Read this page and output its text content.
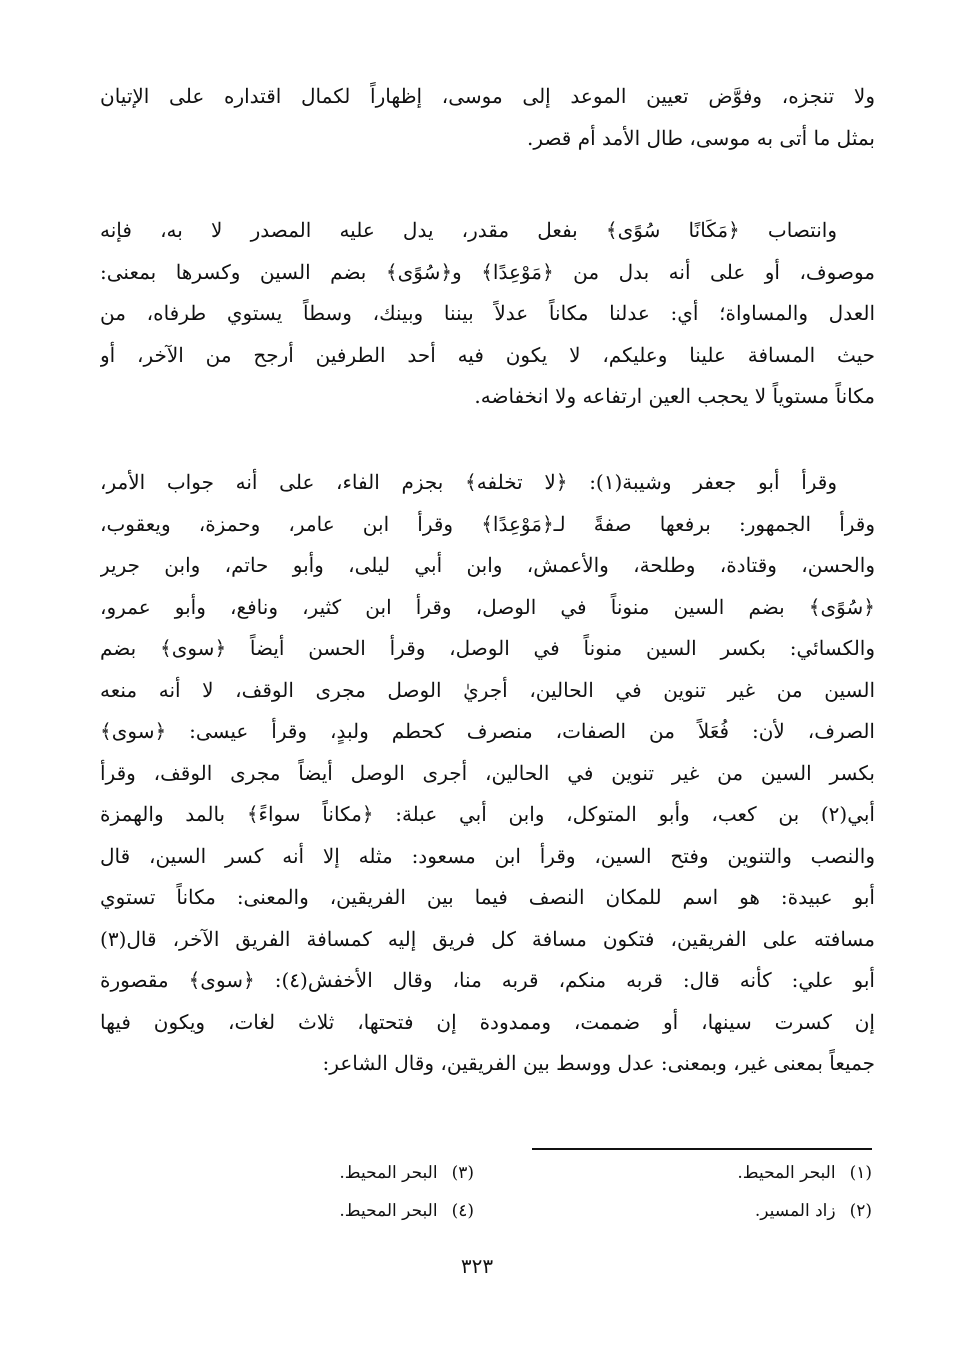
ولا تنجزه، وفوَّض تعيين الموعد إلى موسى، إظهاراً لكمال اقتداره على الإتيان
بمثل ما أتى به موسى، طال الأمد أم قصر.
وانتصاب ﴿مَكَانًا سُوًى﴾ بفعل مقدر، يدل عليه المصدر لا به، فإنه
موصوف، أو على أنه بدل من ﴿مَوْعِدًا﴾ و﴿سُوًى﴾ بضم السين وكسرها بمعنى:
العدل والمساواة؛ أي: عدلنا مكاناً عدلاً بيننا وبينك، وسطاً يستوي طرفاه، من
حيث المسافة علينا وعليكم، لا يكون فيه أحد الطرفين أرجح من الآخر، أو
مكاناً مستوياً لا يحجب العين ارتفاعه ولا انخفاضه.
وقرأ أبو جعفر وشيبة(١): ﴿لا تخلفه﴾ بجزم الفاء، على أنه جواب الأمر،
وقرأ الجمهور: برفعها صفةً لـ﴿مَوْعِدًا﴾ وقرأ ابن عامر، وحمزة، ويعقوب،
والحسن، وقتادة، وطلحة، والأعمش، وابن أبي ليلى، وأبو حاتم، وابن جرير
﴿سُوًى﴾ بضم السين منوناً في الوصل، وقرأ ابن كثير، ونافع، وأبو عمرو،
والكسائي: بكسر السين منوناً في الوصل، وقرأ الحسن أيضاً ﴿سوى﴾ بضم
السين من غير تنوين في الحالين، أجريٰ الوصل مجرى الوقف، لا أنه منعه
الصرف، لأن: فُعَلاً من الصفات، منصرف كحطم ولبدٍ، وقرأ عيسى: ﴿سوى﴾
بكسر السين من غير تنوين في الحالين، أجرى الوصل أيضاً مجرى الوقف، وقرأ
أبي(٢) بن كعب، وأبو المتوكل، وابن أبي عبلة: ﴿مكاناً سواءً﴾ بالمد والهمزة
والنصب والتنوين وفتح السين، وقرأ ابن مسعود: مثله إلا أنه كسر السين، قال
أبو عبيدة: هو اسم للمكان النصف فيما بين الفريقين، والمعنى: مكاناً تستوي
مسافته على الفريقين، فتكون مسافة كل فريق إليه كمسافة الفريق الآخر، قال(٣)
أبو علي: كأنه قال: قربه منكم، قربه منا، وقال الأخفش(٤): ﴿سوى﴾ مقصورة
إن كسرت سينها، أو ضممت، وممدودة إن فتحتها، ثلاث لغات، ويكون فيها
جميعاً بمعنى غير، وبمعنى: عدل ووسط بين الفريقين، وقال الشاعر:
(١)البحر المحيط.
(٢)زاد المسير.
(٣)البحر المحيط.
(٤)البحر المحيط.
٣٢٣
